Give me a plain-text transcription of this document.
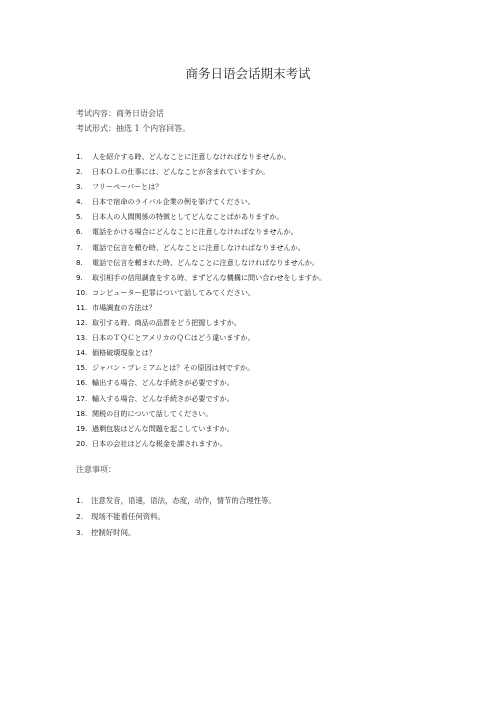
商务日语会话期末考试
考试内容：商务日语会话
考试形式：抽选 1 个内容回答。
1. 人を紹介する時、どんなことに注意しなければなりませんか。
2. 日本ＯＬの仕事には、どんなことが含まれていますか。
3. フリーペーパーとは？
4. 日本で宿命のライバル企業の例を挙げてください。
5. 日本人の人間関係の特徴としてどんなことばがありますか。
6. 電話をかける場合にどんなことに注意しなければなりませんか。
7. 電話で伝言を頼む時、どんなことに注意しなければなりませんか。
8. 電話で伝言を頼まれた時、どんなことに注意しなければなりませんか。
9. 取引相手の信用調査をする時、まずどんな機構に問い合わせをしますか。
10. コンピューター犯罪について話してみてください。
11. 市場調査の方法は？
12. 取引する時、商品の品質をどう把握しますか。
13. 日本のＴＱＣとアメリカのＱＣはどう違いますか。
14. 価格破壊現象とは？
15. ジャパン・プレミアムとは？その原因は何ですか。
16. 輸出する場合、どんな手続きが必要ですか。
17. 輸入する場合、どんな手続きが必要ですか。
18. 関税の目的について話してください。
19. 過剰包装はどんな問題を起こしていますか。
20. 日本の会社はどんな税金を課されますか。
注意事项：
1. 注意发音，语速，语法，态度，动作，情节的合理性等。
2. 现场不能看任何资料。
3. 控制好时间。
